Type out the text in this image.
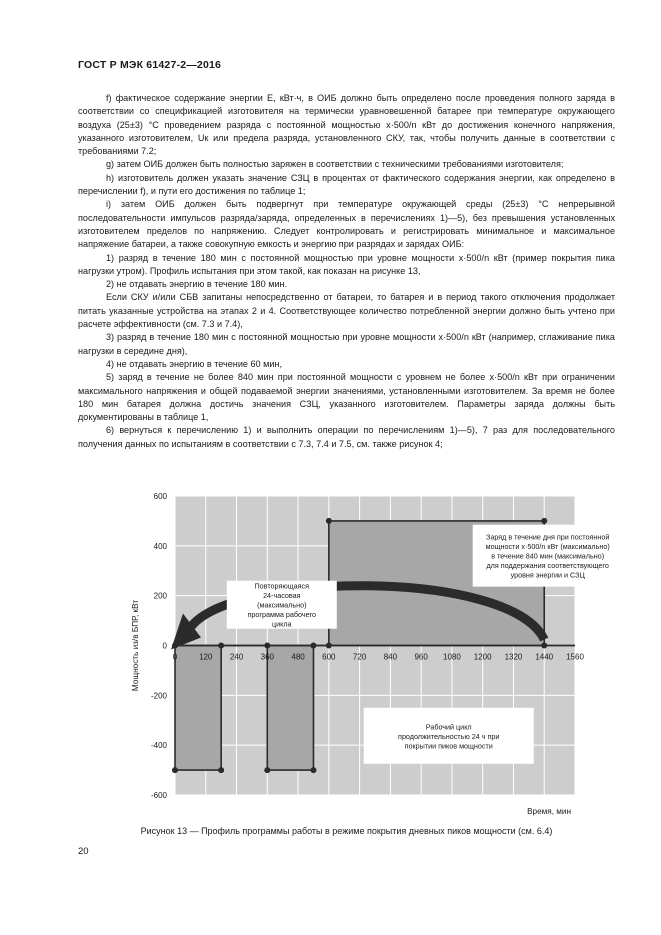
ГОСТ Р МЭК 61427-2—2016

f) фактическое содержание энергии E, кВт·ч, в ОИБ должно быть определено после проведения полного заряда в соответствии со спецификацией изготовителя на термически уравновешенной батарее при температуре окружающего воздуха (25±3) °C проведением разряда с постоянной мощностью x·500/n кВт до достижения конечного напряжения, указанного изготовителем, Uк или предела разряда, установленного СКУ, так, чтобы получить данные в соответствии с требованиями 7.2;

g) затем ОИБ должен быть полностью заряжен в соответствии с техническими требованиями изготовителя;

h) изготовитель должен указать значение СЗЦ в процентах от фактического содержания энергии, как определено в перечислении f), и пути его достижения по таблице 1;

i) затем ОИБ должен быть подвергнут при температуре окружающей среды (25±3) °C непрерывной последовательности импульсов разряда/заряда, определенных в перечислениях 1)—5), без превышения установленных изготовителем пределов по напряжению. Следует контролировать и регистрировать минимальное и максимальное напряжение батареи, а также совокупную емкость и энергию при разрядах и зарядах ОИБ:

1) разряд в течение 180 мин с постоянной мощностью при уровне мощности x·500/n кВт (пример покрытия пика нагрузки утром). Профиль испытания при этом такой, как показан на рисунке 13,

2) не отдавать энергию в течение 180 мин.

Если СКУ и/или СБВ запитаны непосредственно от батареи, то батарея и в период такого отключения продолжает питать указанные устройства на этапах 2 и 4. Соответствующее количество потребленной энергии должно быть учтено при расчете эффективности (см. 7.3 и 7.4),

3) разряд в течение 180 мин с постоянной мощностью при уровне мощности x·500/n кВт (например, сглаживание пика нагрузки в середине дня),

4) не отдавать энергию в течение 60 мин,

5) заряд в течение не более 840 мин при постоянной мощности с уровнем не более x·500/n кВт при ограничении максимального напряжения и общей подаваемой энергии значениями, установленными изготовителем. За время не более 180 мин батарея должна достичь значения СЗЦ, указанного изготовителем. Параметры заряда должны быть документированы в таблице 1,

6) вернуться к перечислению 1) и выполнить операции по перечислениям 1)—5), 7 раз для последовательного получения данных по испытаниям в соответствии с 7.3, 7.4 и 7.5, см. также рисунок 4;

600
400
200
0
-200
-400
-600
0	120 240 360 480 600 720 840 960 1080 1200 1320 1440 1560
Мощность из/в БПР, кВт
Время, мин
Заряд в течение дня при постоянной
мощности x·500/n кВт (максимально)
в течение 840 мин (максимально)
для поддержания соответствующего
уровня энергии и СЗЦ
Повторяющаяся
24-часовая
(максимально)
программа рабочего
цикла
Рабочий цикл
продолжительностью 24 ч при
покрытии пиков мощности
Рисунок 13 — Профиль программы работы в режиме покрытия дневных пиков мощности (см. 6.4)
20
